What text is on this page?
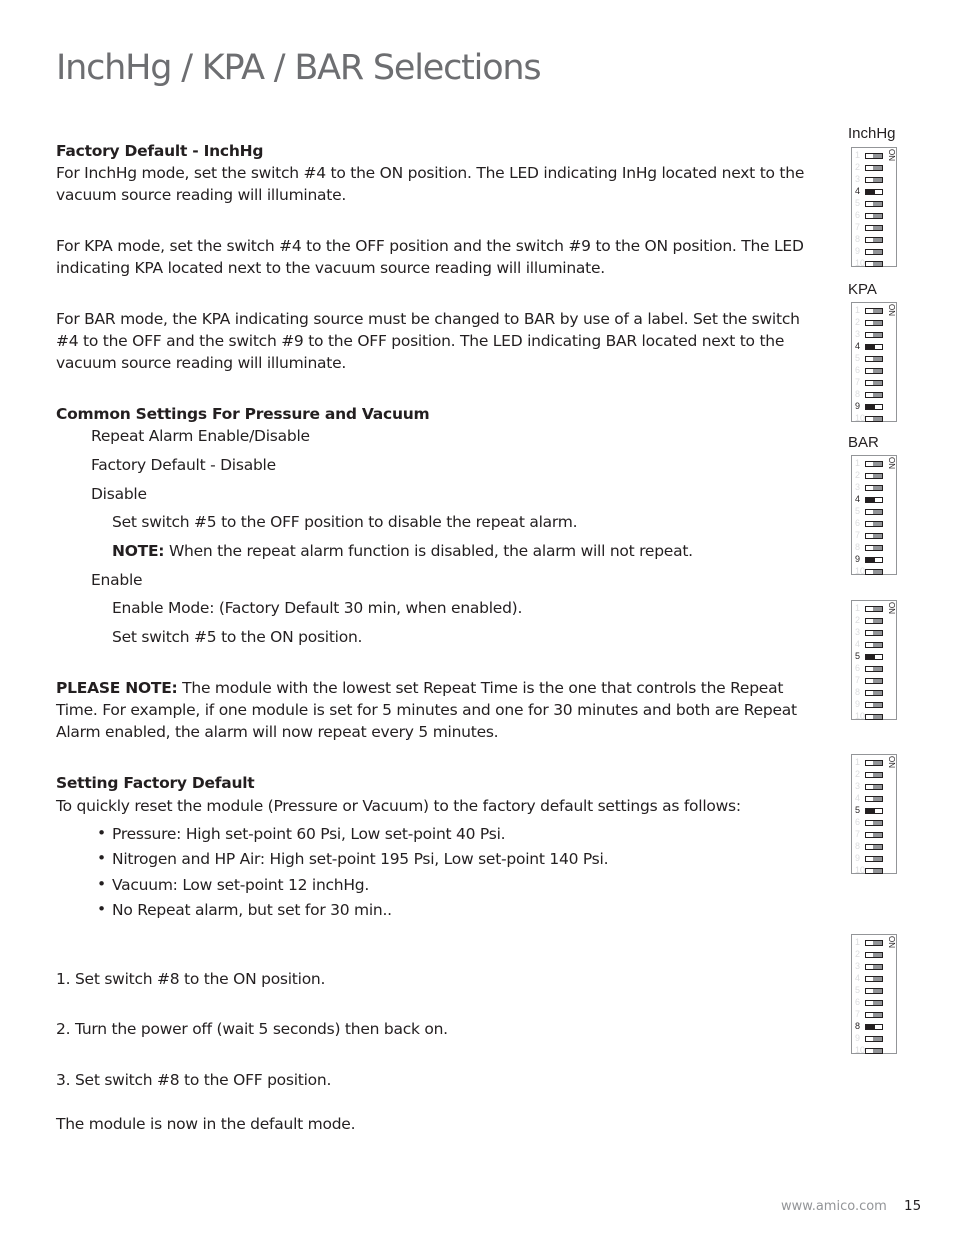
InchHg / KPA / BAR Selections

Factory Default - InchHg

For InchHg mode, set the switch #4 to the ON position. The LED indicating InHg located next to the vacuum source reading will illuminate.

For KPA mode, set the switch #4 to the OFF position and the switch #9 to the ON position. The LED indicating KPA located next to the vacuum source reading will illuminate.

For BAR mode, the KPA indicating source must be changed to BAR by use of a label. Set the switch #4 to the OFF and the switch #9 to the OFF position. The LED indicating BAR located next to the vacuum source reading will illuminate.

Common Settings For Pressure and Vacuum

Repeat Alarm Enable/Disable

Factory Default - Disable

Disable

Set switch #5 to the OFF position to disable the repeat alarm.

NOTE: When the repeat alarm function is disabled, the alarm will not repeat.

Enable

Enable Mode: (Factory Default 30 min, when enabled).

Set switch #5 to the ON position.

PLEASE NOTE: The module with the lowest set Repeat Time is the one that controls the Repeat Time. For example, if one module is set for 5 minutes and one for 30 minutes and both are Repeat Alarm enabled, the alarm will now repeat every 5 minutes.

Setting Factory Default

To quickly reset the module (Pressure or Vacuum) to the factory default settings as follows:

• Pressure: High set-point 60 Psi, Low set-point 40 Psi.

• Nitrogen and HP Air: High set-point 195 Psi, Low set-point 140 Psi.

• Vacuum: Low set-point 12 inchHg.

• No Repeat alarm, but set for 30 min..

1. Set switch #8 to the ON position.

2. Turn the power off (wait 5 seconds) then back on.

3. Set switch #8 to the OFF position.

The module is now in the default mode.

www.amico.com 15
InchHg
ON
1
2
3
4
5
6
7
8
9
10
KPA
ON
1
2
3
4
5
6
7
8
9
10
BAR
ON
1
2
3
4
5
6
7
8
9
10
ON
1
2
3
4
5
6
7
8
9
10
ON
1
2
3
4
5
6
7
8
9
10
ON
1
2
3
4
5
6
7
8
9
10
